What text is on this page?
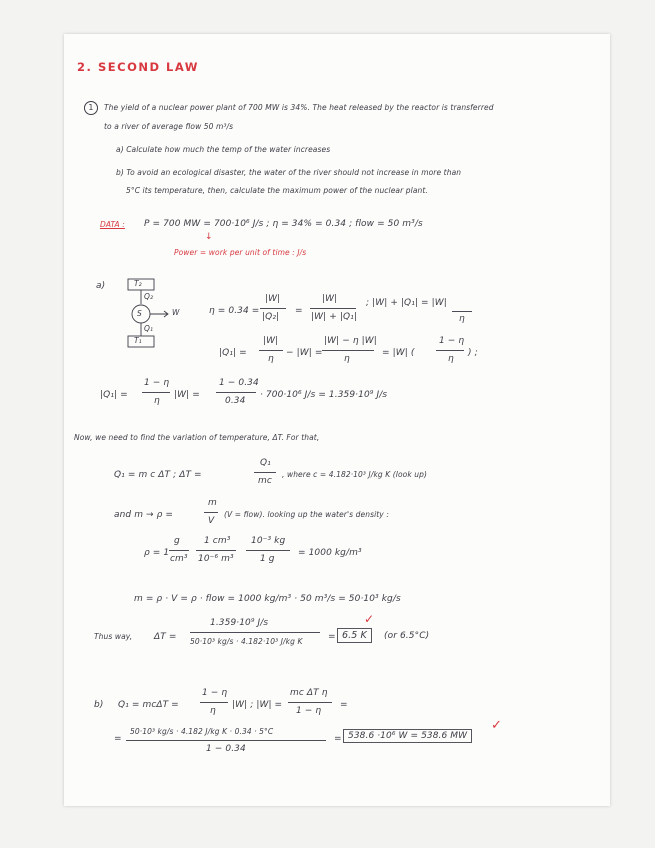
2. SECOND LAW
1	The yield of a nuclear power plant of 700 MW is 34%. The heat released by the reactor is transferred
to a river of average flow 50 m³/s
a) Calculate how much the temp of the water increases
b) To avoid an ecological disaster, the water of the river should not increase in more than
5°C its temperature, then, calculate the maximum power of the nuclear plant.
DATA : P = 700 MW = 700·10⁶ J/s ; η = 34% = 0.34 ; flow = 50 m³/s
↓
Power = work per unit of time : J/s
a)	T₂
Q₂
S	W
Q₁
T₁
η = 0.34 =
|W|
|Q₂|
=
|W|
|W| + |Q₁|
; |W| + |Q₁| = |W|
η
|Q₁| =
|W|
η
− |W| =
|W| − η |W|
η
= |W| (
1 − η
η
) ;
|Q₁| =
1 − η
η
|W| =
1 − 0.34
0.34
· 700·10⁶ J/s = 1.359·10⁹ J/s
Now, we need to find the variation of temperature, ΔT. For that,
Q₁ = m c ΔT ; ΔT =
Q₁
mc
, where c = 4.182·10³ J/kg K (look up)
and m → ρ =
m
V
(V = flow). looking up the water's density :
ρ = 1
g
cm³
1 cm³
10⁻⁶ m³
10⁻³ kg
1 g
= 1000 kg/m³
m = ρ · V = ρ · flow = 1000 kg/m³ · 50 m³/s = 50·10³ kg/s
Thus way, ΔT =
1.359·10⁹ J/s
50·10³ kg/s · 4.182·10³ J/kg K	= 6.5 K
✓
(or 6.5°C)
b) Q₁ = mcΔT =
1 − η
η
|W| ; |W| =
mc ΔT η
1 − η
=
=
50·10³ kg/s · 4.182 J/kg K · 0.34 · 5°C
1 − 0.34
= 538.6 ·10⁶ W = 538.6 MW
✓
